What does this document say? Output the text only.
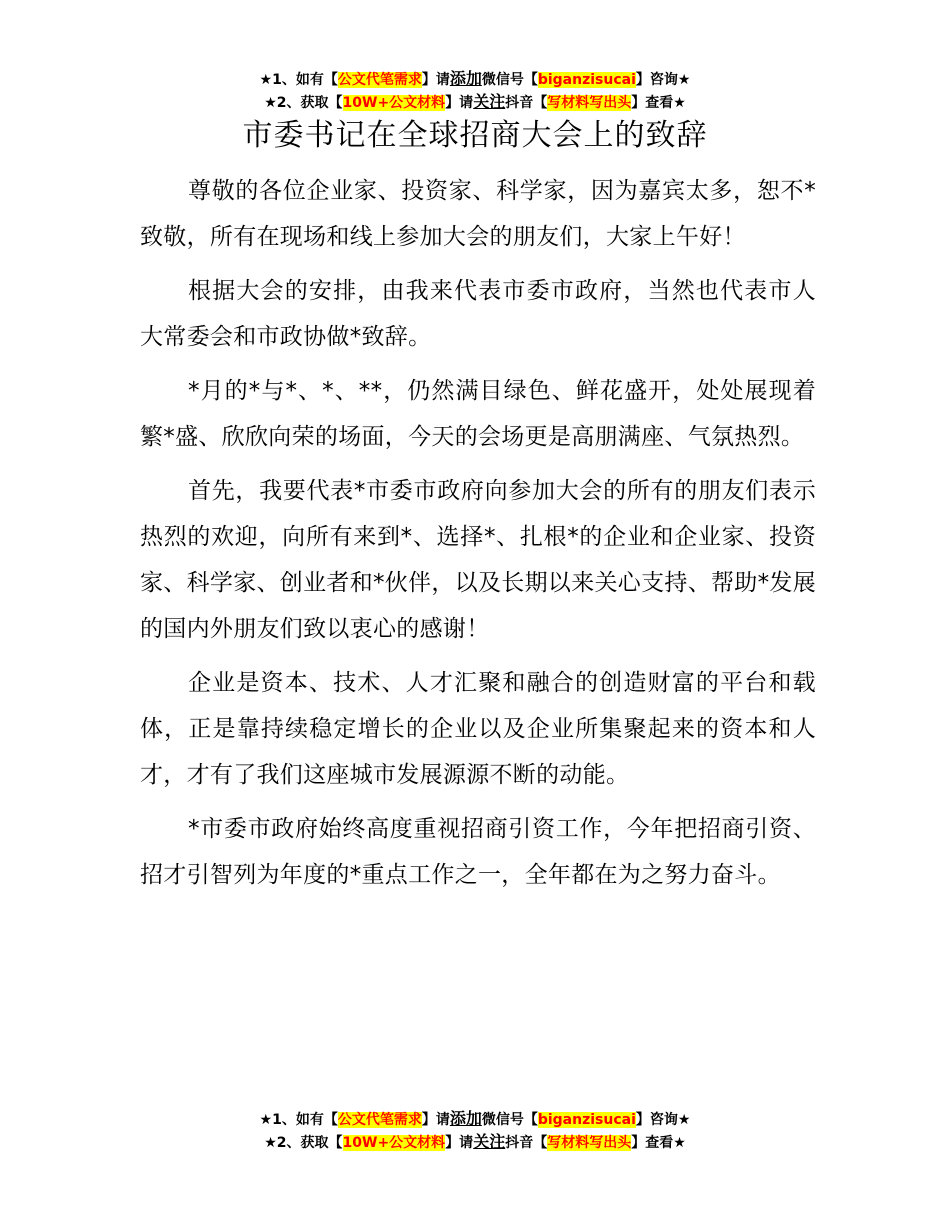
★1、如有【公文代笔需求】请添加微信号【biganzisucai】咨询★
★2、获取【10W+公文材料】请关注抖音【写材料写出头】查看★
市委书记在全球招商大会上的致辞

尊敬的各位企业家、投资家、科学家，因为嘉宾太多，恕不*致敬，所有在现场和线上参加大会的朋友们，大家上午好！

根据大会的安排，由我来代表市委市政府，当然也代表市人大常委会和市政协做*致辞。

*月的*与*、*、**，仍然满目绿色、鲜花盛开，处处展现着繁*盛、欣欣向荣的场面，今天的会场更是高朋满座、气氛热烈。

首先，我要代表*市委市政府向参加大会的所有的朋友们表示热烈的欢迎，向所有来到*、选择*、扎根*的企业和企业家、投资家、科学家、创业者和*伙伴，以及长期以来关心支持、帮助*发展的国内外朋友们致以衷心的感谢！

企业是资本、技术、人才汇聚和融合的创造财富的平台和载体，正是靠持续稳定增长的企业以及企业所集聚起来的资本和人才，才有了我们这座城市发展源源不断的动能。

*市委市政府始终高度重视招商引资工作，今年把招商引资、招才引智列为年度的*重点工作之一，全年都在为之努力奋斗。

★1、如有【公文代笔需求】请添加微信号【biganzisucai】咨询★
★2、获取【10W+公文材料】请关注抖音【写材料写出头】查看★
